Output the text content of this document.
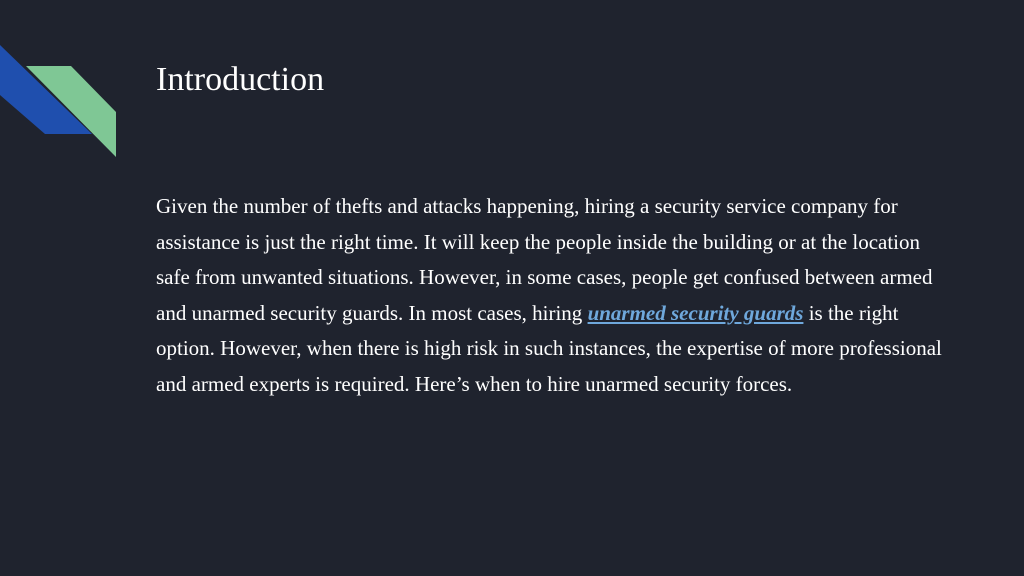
Introduction

Given the number of thefts and attacks happening, hiring a security service company for assistance is just the right time. It will keep the people inside the building or at the location safe from unwanted situations. However, in some cases, people get confused between armed and unarmed security guards. In most cases, hiring unarmed security guards is the right option. However, when there is high risk in such instances, the expertise of more professional and armed experts is required. Here’s when to hire unarmed security forces.
